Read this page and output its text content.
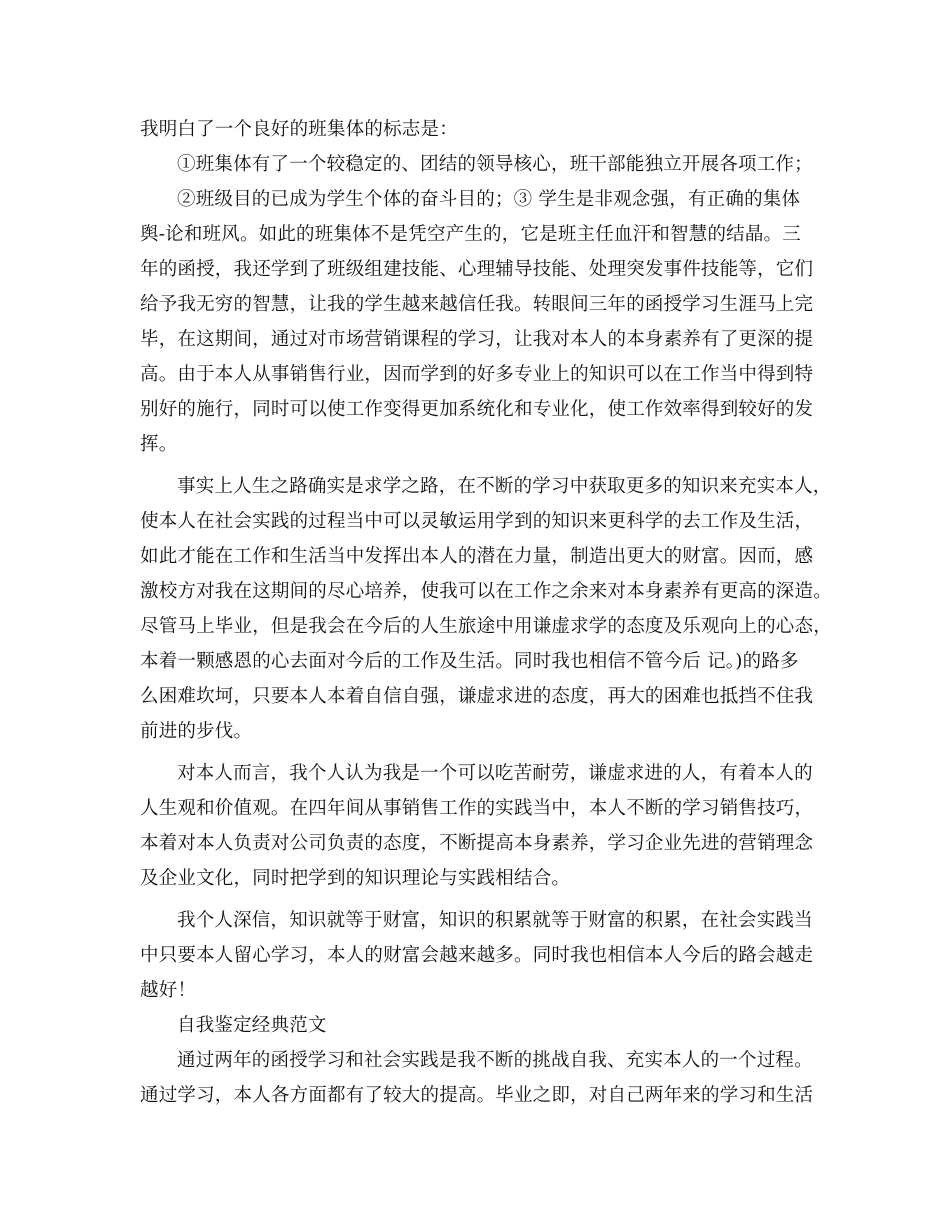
我明白了一个良好的班集体的标志是：
①班集体有了一个较稳定的、团结的领导核心，班干部能独立开展各项工作；
②班级目的已成为学生个体的奋斗目的；③ 学生是非观念强，有正确的集体
舆-论和班风。如此的班集体不是凭空产生的，它是班主任血汗和智慧的结晶。三
年的函授，我还学到了班级组建技能、心理辅导技能、处理突发事件技能等，它们
给予我无穷的智慧，让我的学生越来越信任我。转眼间三年的函授学习生涯马上完
毕，在这期间，通过对市场营销课程的学习，让我对本人的本身素养有了更深的提
高。由于本人从事销售行业，因而学到的好多专业上的知识可以在工作当中得到特
别好的施行，同时可以使工作变得更加系统化和专业化，使工作效率得到较好的发
挥。
事实上人生之路确实是求学之路，在不断的学习中获取更多的知识来充实本人，
使本人在社会实践的过程当中可以灵敏运用学到的知识来更科学的去工作及生活，
如此才能在工作和生活当中发挥出本人的潜在力量，制造出更大的财富。因而，感
激校方对我在这期间的尽心培养，使我可以在工作之余来对本身素养有更高的深造。
尽管马上毕业，但是我会在今后的人生旅途中用谦虚求学的态度及乐观向上的心态，
本着一颗感恩的心去面对今后的工作及生活。同时我也相信不管今后 记。)的路多
么困难坎坷，只要本人本着自信自强，谦虚求进的态度，再大的困难也抵挡不住我
前进的步伐。
对本人而言，我个人认为我是一个可以吃苦耐劳，谦虚求进的人，有着本人的
人生观和价值观。在四年间从事销售工作的实践当中，本人不断的学习销售技巧，
本着对本人负责对公司负责的态度，不断提高本身素养，学习企业先进的营销理念
及企业文化，同时把学到的知识理论与实践相结合。
我个人深信，知识就等于财富，知识的积累就等于财富的积累，在社会实践当
中只要本人留心学习，本人的财富会越来越多。同时我也相信本人今后的路会越走
越好！
自我鉴定经典范文
通过两年的函授学习和社会实践是我不断的挑战自我、充实本人的一个过程。
通过学习，本人各方面都有了较大的提高。毕业之即，对自己两年来的学习和生活
